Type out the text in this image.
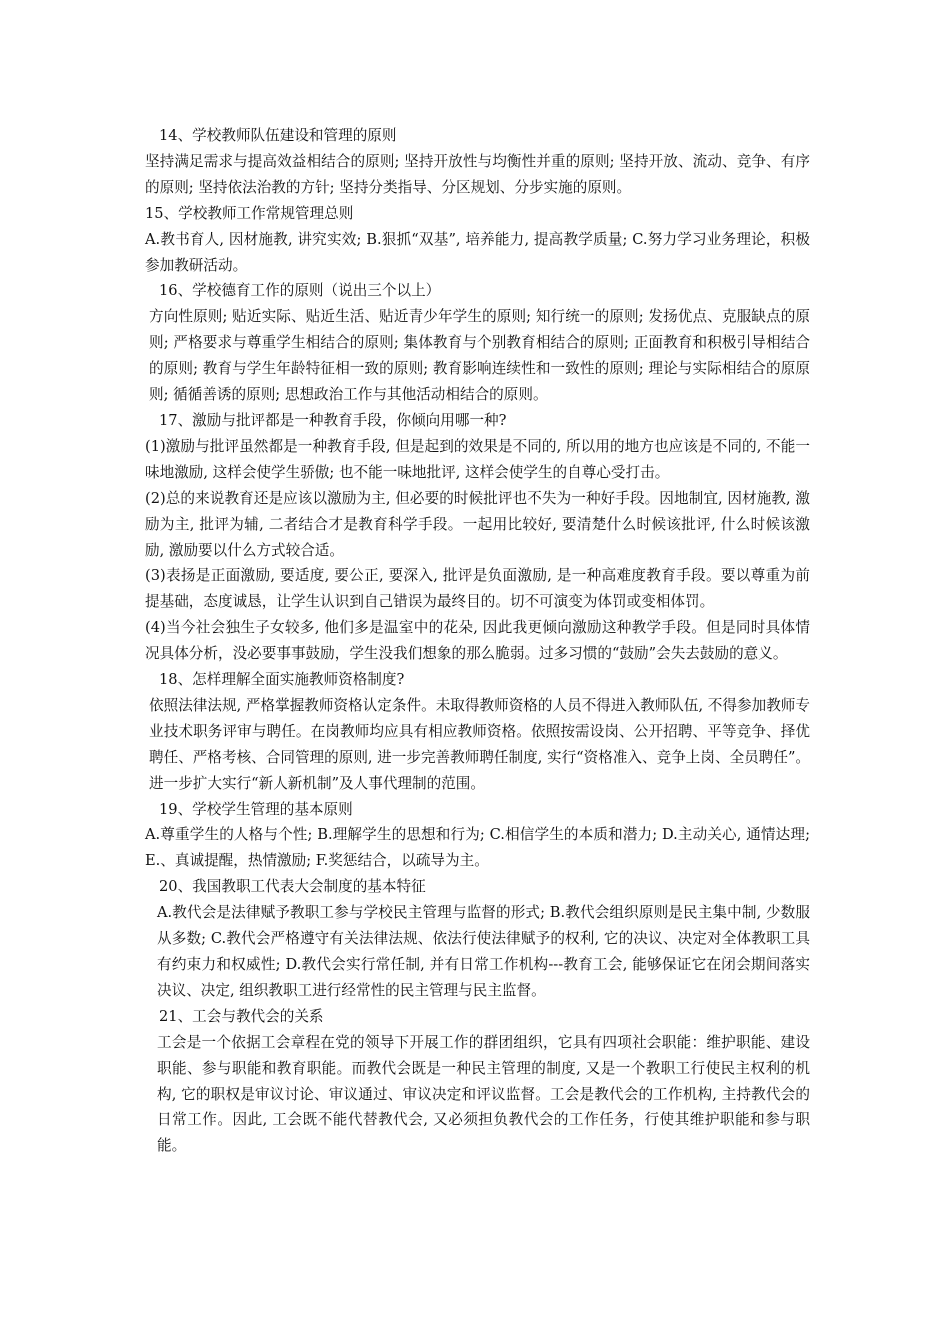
14、学校教师队伍建设和管理的原则

坚持满足需求与提高效益相结合的原则; 坚持开放性与均衡性并重的原则; 坚持开放、流动、竞争、有序的原则; 坚持依法治教的方针; 坚持分类指导、分区规划、分步实施的原则。

15、学校教师工作常规管理总则

A.教书育人, 因材施教, 讲究实效; B.狠抓“双基”, 培养能力, 提高教学质量; C.努力学习业务理论，积极参加教研活动。

16、学校德育工作的原则（说出三个以上）

方向性原则; 贴近实际、贴近生活、贴近青少年学生的原则; 知行统一的原则; 发扬优点、克服缺点的原则; 严格要求与尊重学生相结合的原则; 集体教育与个别教育相结合的原则; 正面教育和积极引导相结合的原则; 教育与学生年龄特征相一致的原则; 教育影响连续性和一致性的原则; 理论与实际相结合的原原则; 循循善诱的原则; 思想政治工作与其他活动相结合的原则。

17、激励与批评都是一种教育手段，你倾向用哪一种?

(1)激励与批评虽然都是一种教育手段, 但是起到的效果是不同的, 所以用的地方也应该是不同的, 不能一味地激励, 这样会使学生骄傲; 也不能一味地批评, 这样会使学生的自尊心受打击。

(2)总的来说教育还是应该以激励为主, 但必要的时候批评也不失为一种好手段。因地制宜, 因材施教, 激励为主, 批评为辅, 二者结合才是教育科学手段。一起用比较好, 要清楚什么时候该批评, 什么时候该激励, 激励要以什么方式较合适。

(3)表扬是正面激励, 要适度, 要公正, 要深入, 批评是负面激励, 是一种高难度教育手段。要以尊重为前提基础，态度诚恳，让学生认识到自己错误为最终目的。切不可演变为体罚或变相体罚。

(4)当今社会独生子女较多, 他们多是温室中的花朵, 因此我更倾向激励这种教学手段。但是同时具体情况具体分析，没必要事事鼓励，学生没我们想象的那么脆弱。过多习惯的“鼓励”会失去鼓励的意义。

18、怎样理解全面实施教师资格制度?

依照法律法规, 严格掌握教师资格认定条件。未取得教师资格的人员不得进入教师队伍, 不得参加教师专业技术职务评审与聘任。在岗教师均应具有相应教师资格。依照按需设岗、公开招聘、平等竞争、择优聘任、严格考核、合同管理的原则, 进一步完善教师聘任制度, 实行“资格准入、竞争上岗、全员聘任”。进一步扩大实行“新人新机制”及人事代理制的范围。

19、学校学生管理的基本原则

A.尊重学生的人格与个性; B.理解学生的思想和行为; C.相信学生的本质和潜力; D.主动关心, 通情达理; E.、真诚提醒，热情激励; F.奖惩结合，以疏导为主。

20、我国教职工代表大会制度的基本特征

A.教代会是法律赋予教职工参与学校民主管理与监督的形式; B.教代会组织原则是民主集中制, 少数服从多数; C.教代会严格遵守有关法律法规、依法行使法律赋予的权利, 它的决议、决定对全体教职工具有约束力和权威性; D.教代会实行常任制, 并有日常工作机构---教育工会, 能够保证它在闭会期间落实决议、决定, 组织教职工进行经常性的民主管理与民主监督。

21、工会与教代会的关系

工会是一个依据工会章程在党的领导下开展工作的群团组织，它具有四项社会职能：维护职能、建设职能、参与职能和教育职能。而教代会既是一种民主管理的制度, 又是一个教职工行使民主权利的机构, 它的职权是审议讨论、审议通过、审议决定和评议监督。工会是教代会的工作机构, 主持教代会的日常工作。因此, 工会既不能代替教代会, 又必须担负教代会的工作任务，行使其维护职能和参与职能。
